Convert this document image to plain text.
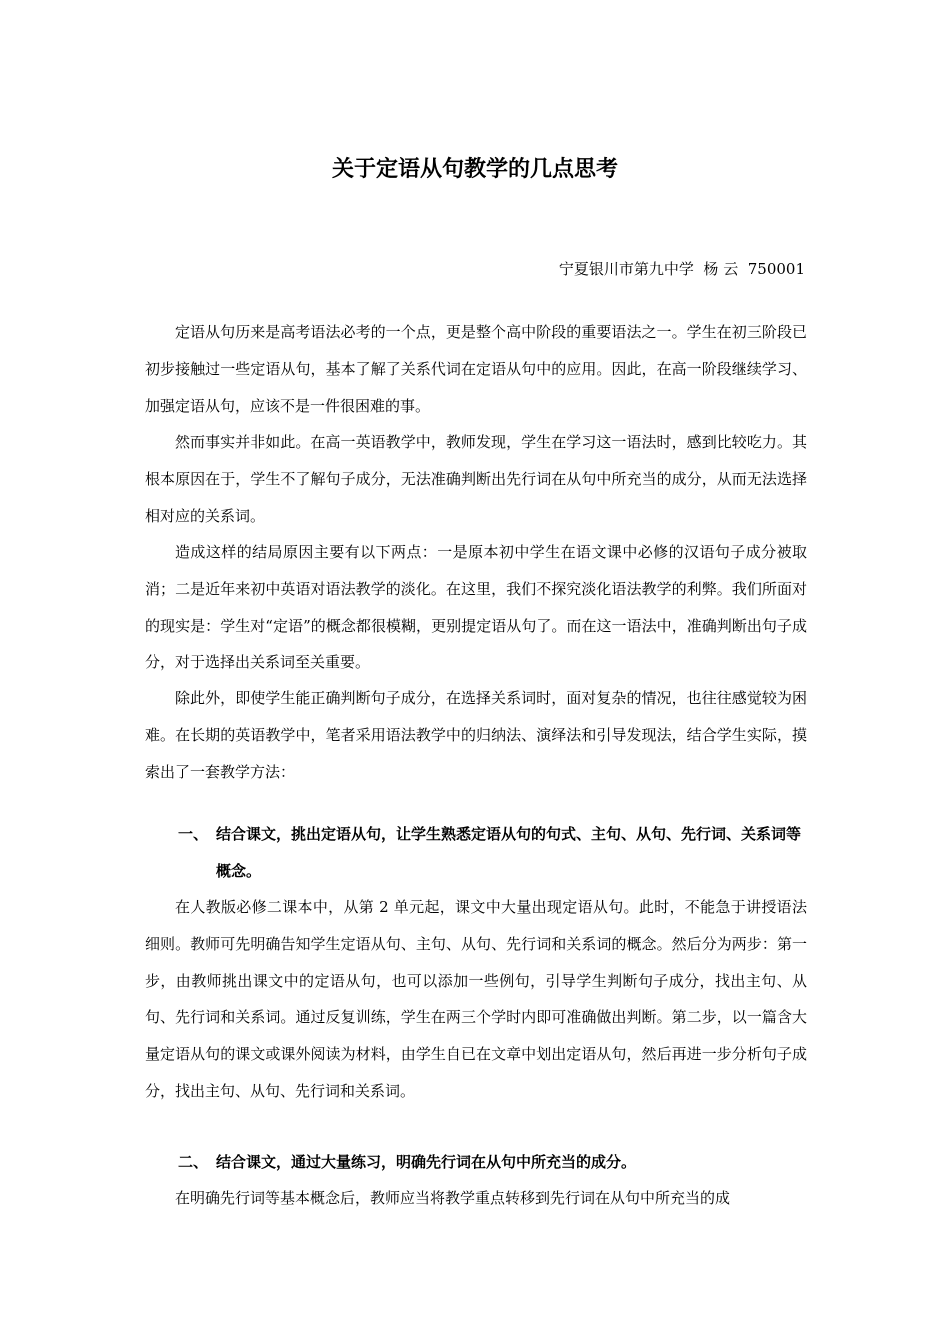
关于定语从句教学的几点思考
宁夏银川市第九中学  杨 云  750001

定语从句历来是高考语法必考的一个点，更是整个高中阶段的重要语法之一。学生在初三阶段已初步接触过一些定语从句，基本了解了关系代词在定语从句中的应用。因此，在高一阶段继续学习、加强定语从句，应该不是一件很困难的事。

然而事实并非如此。在高一英语教学中，教师发现，学生在学习这一语法时，感到比较吃力。其根本原因在于，学生不了解句子成分，无法准确判断出先行词在从句中所充当的成分，从而无法选择相对应的关系词。

造成这样的结局原因主要有以下两点：一是原本初中学生在语文课中必修的汉语句子成分被取消；二是近年来初中英语对语法教学的淡化。在这里，我们不探究淡化语法教学的利弊。我们所面对的现实是：学生对“定语”的概念都很模糊，更别提定语从句了。而在这一语法中，准确判断出句子成分，对于选择出关系词至关重要。

除此外，即使学生能正确判断句子成分，在选择关系词时，面对复杂的情况，也往往感觉较为困难。在长期的英语教学中，笔者采用语法教学中的归纳法、演绎法和引导发现法，结合学生实际，摸索出了一套教学方法：

一、 结合课文，挑出定语从句，让学生熟悉定语从句的句式、主句、从句、先行词、关系词等概念。

在人教版必修二课本中，从第 2 单元起，课文中大量出现定语从句。此时，不能急于讲授语法细则。教师可先明确告知学生定语从句、主句、从句、先行词和关系词的概念。然后分为两步：第一步，由教师挑出课文中的定语从句，也可以添加一些例句，引导学生判断句子成分，找出主句、从句、先行词和关系词。通过反复训练，学生在两三个学时内即可准确做出判断。第二步，以一篇含大量定语从句的课文或课外阅读为材料，由学生自已在文章中划出定语从句，然后再进一步分析句子成分，找出主句、从句、先行词和关系词。

二、 结合课文，通过大量练习，明确先行词在从句中所充当的成分。

在明确先行词等基本概念后，教师应当将教学重点转移到先行词在从句中所充当的成
